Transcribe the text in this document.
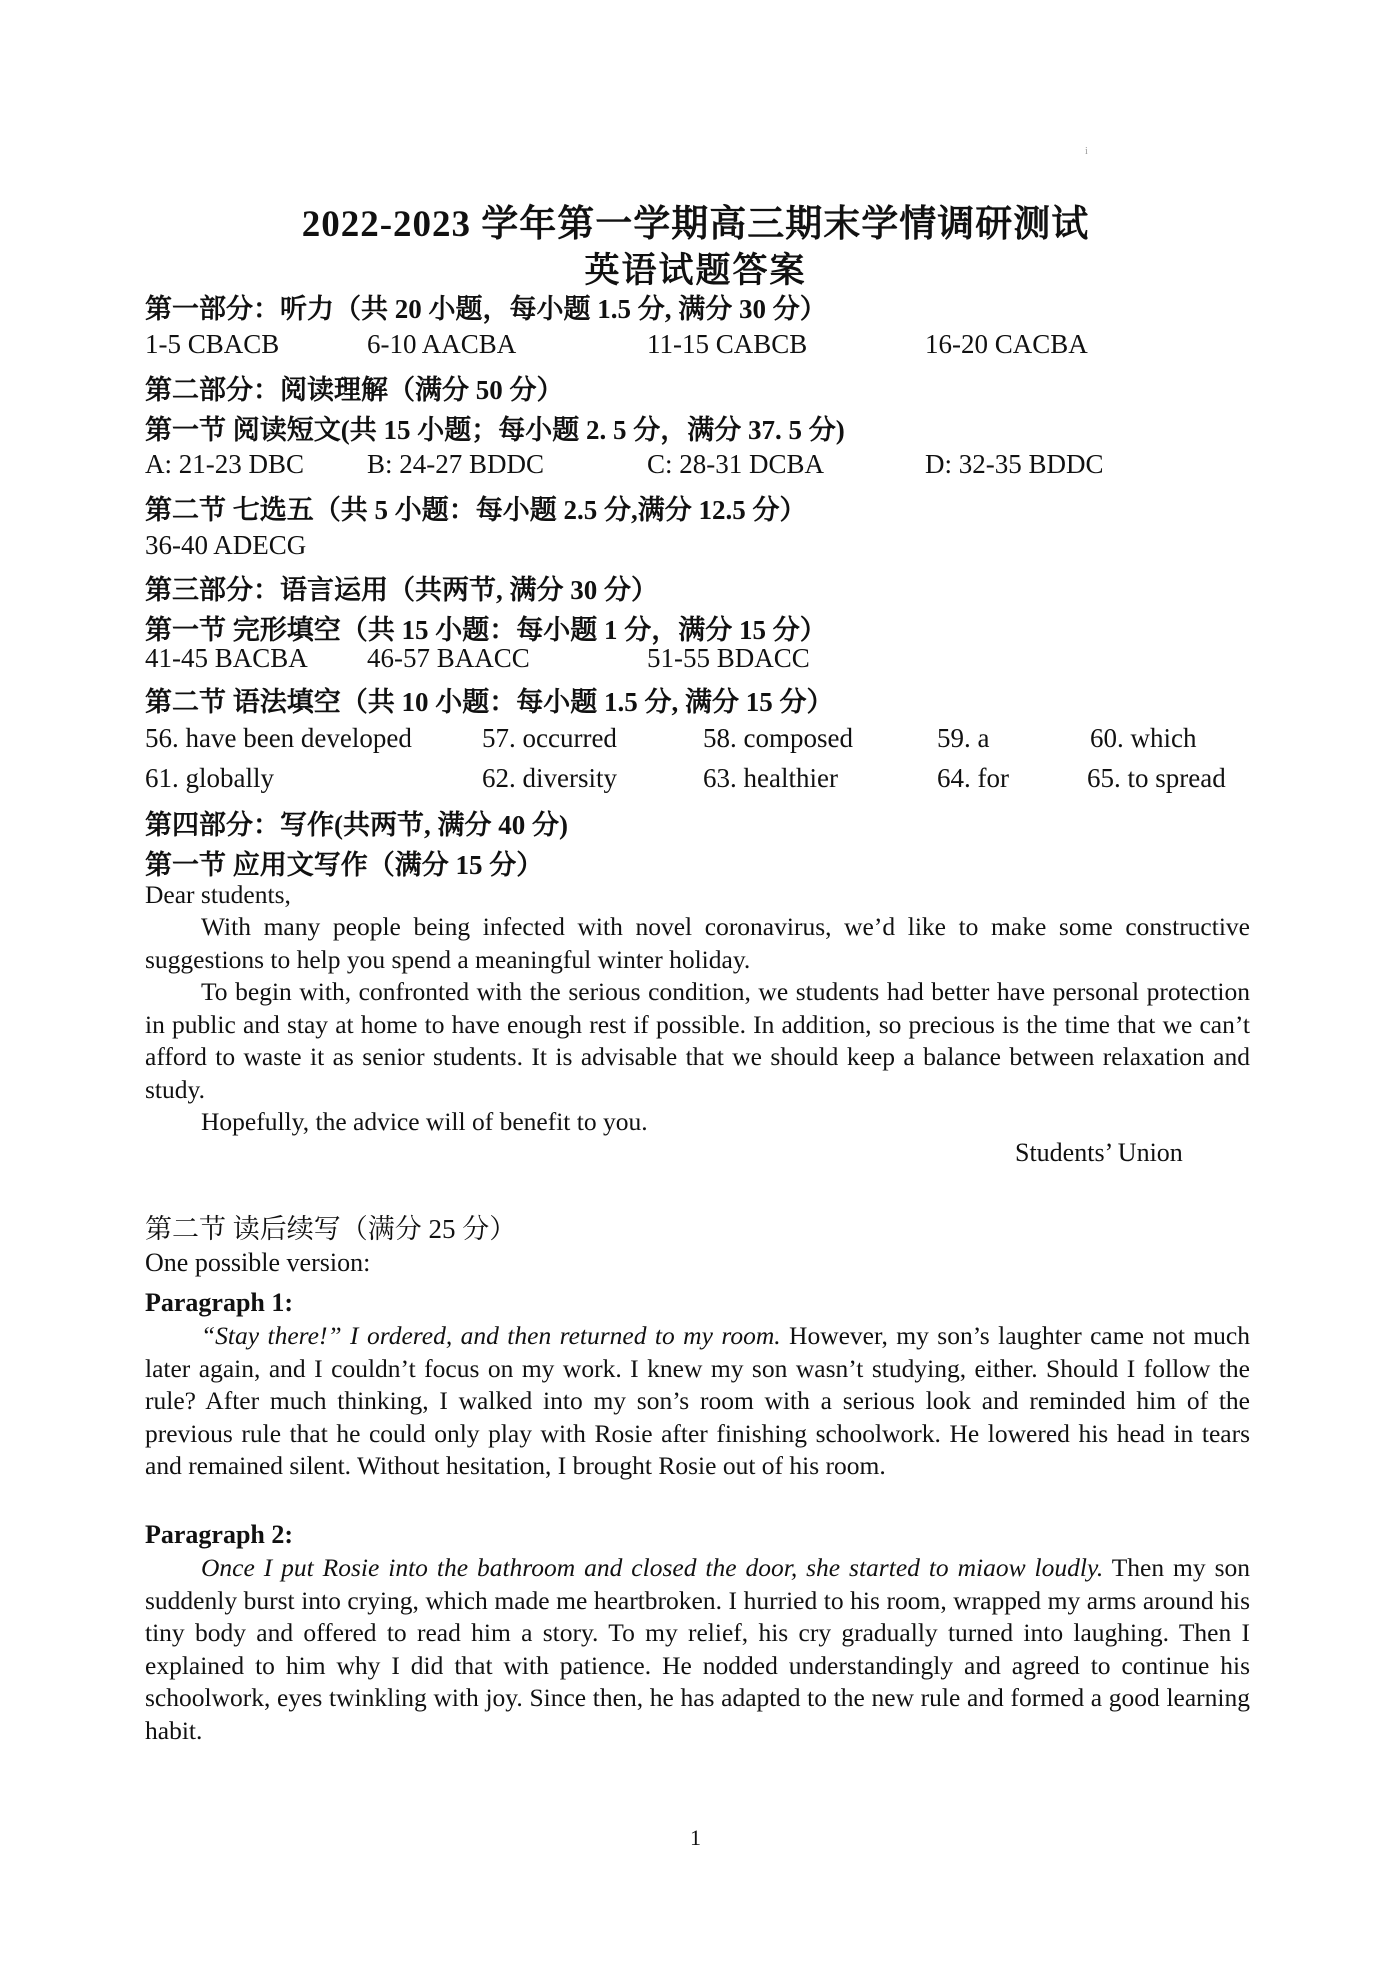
i
2022-2023 学年第一学期高三期末学情调研测试
英语试题答案
第一部分：听力（共 20 小题，每小题 1.5 分, 满分 30 分）
1-5 CBACB	6-10 AACBA	11-15 CABCB	16-20 CACBA
第二部分：阅读理解（满分 50 分）
第一节 阅读短文(共 15 小题；每小题 2. 5 分，满分 37. 5 分)
A: 21-23 DBC B: 24-27 BDDC	C: 28-31 DCBA	D: 32-35 BDDC
第二节 七选五（共 5 小题：每小题 2.5 分,满分 12.5 分）
36-40 ADECG
第三部分：语言运用（共两节, 满分 30 分）
第一节 完形填空（共 15 小题：每小题 1 分，满分 15 分）
41-45 BACBA 46-57 BAACC	51-55 BDACC
第二节 语法填空（共 10 小题：每小题 1.5 分, 满分 15 分）
56. have been developed	57. occurred	58. composed	59. a	60. which
61. globally	62. diversity	63. healthier	64. for	65. to spread
第四部分：写作(共两节, 满分 40 分)
第一节 应用文写作（满分 15 分）
Dear students,
With many people being infected with novel coronavirus, we’d like to make some constructive suggestions to help you spend a meaningful winter holiday.
To begin with, confronted with the serious condition, we students had better have personal protection in public and stay at home to have enough rest if possible. In addition, so precious is the time that we can’t afford to waste it as senior students. It is advisable that we should keep a balance between relaxation and study.
Hopefully, the advice will of benefit to you.
Students’ Union
第二节 读后续写（满分 25 分）
One possible version:
Paragraph 1:
“Stay there!” I ordered, and then returned to my room. However, my son’s laughter came not much later again, and I couldn’t focus on my work. I knew my son wasn’t studying, either. Should I follow the rule? After much thinking, I walked into my son’s room with a serious look and reminded him of the previous rule that he could only play with Rosie after finishing schoolwork. He lowered his head in tears and remained silent. Without hesitation, I brought Rosie out of his room.
Paragraph 2:
Once I put Rosie into the bathroom and closed the door, she started to miaow loudly. Then my son suddenly burst into crying, which made me heartbroken. I hurried to his room, wrapped my arms around his tiny body and offered to read him a story. To my relief, his cry gradually turned into laughing. Then I explained to him why I did that with patience. He nodded understandingly and agreed to continue his schoolwork, eyes twinkling with joy. Since then, he has adapted to the new rule and formed a good learning habit.
1
